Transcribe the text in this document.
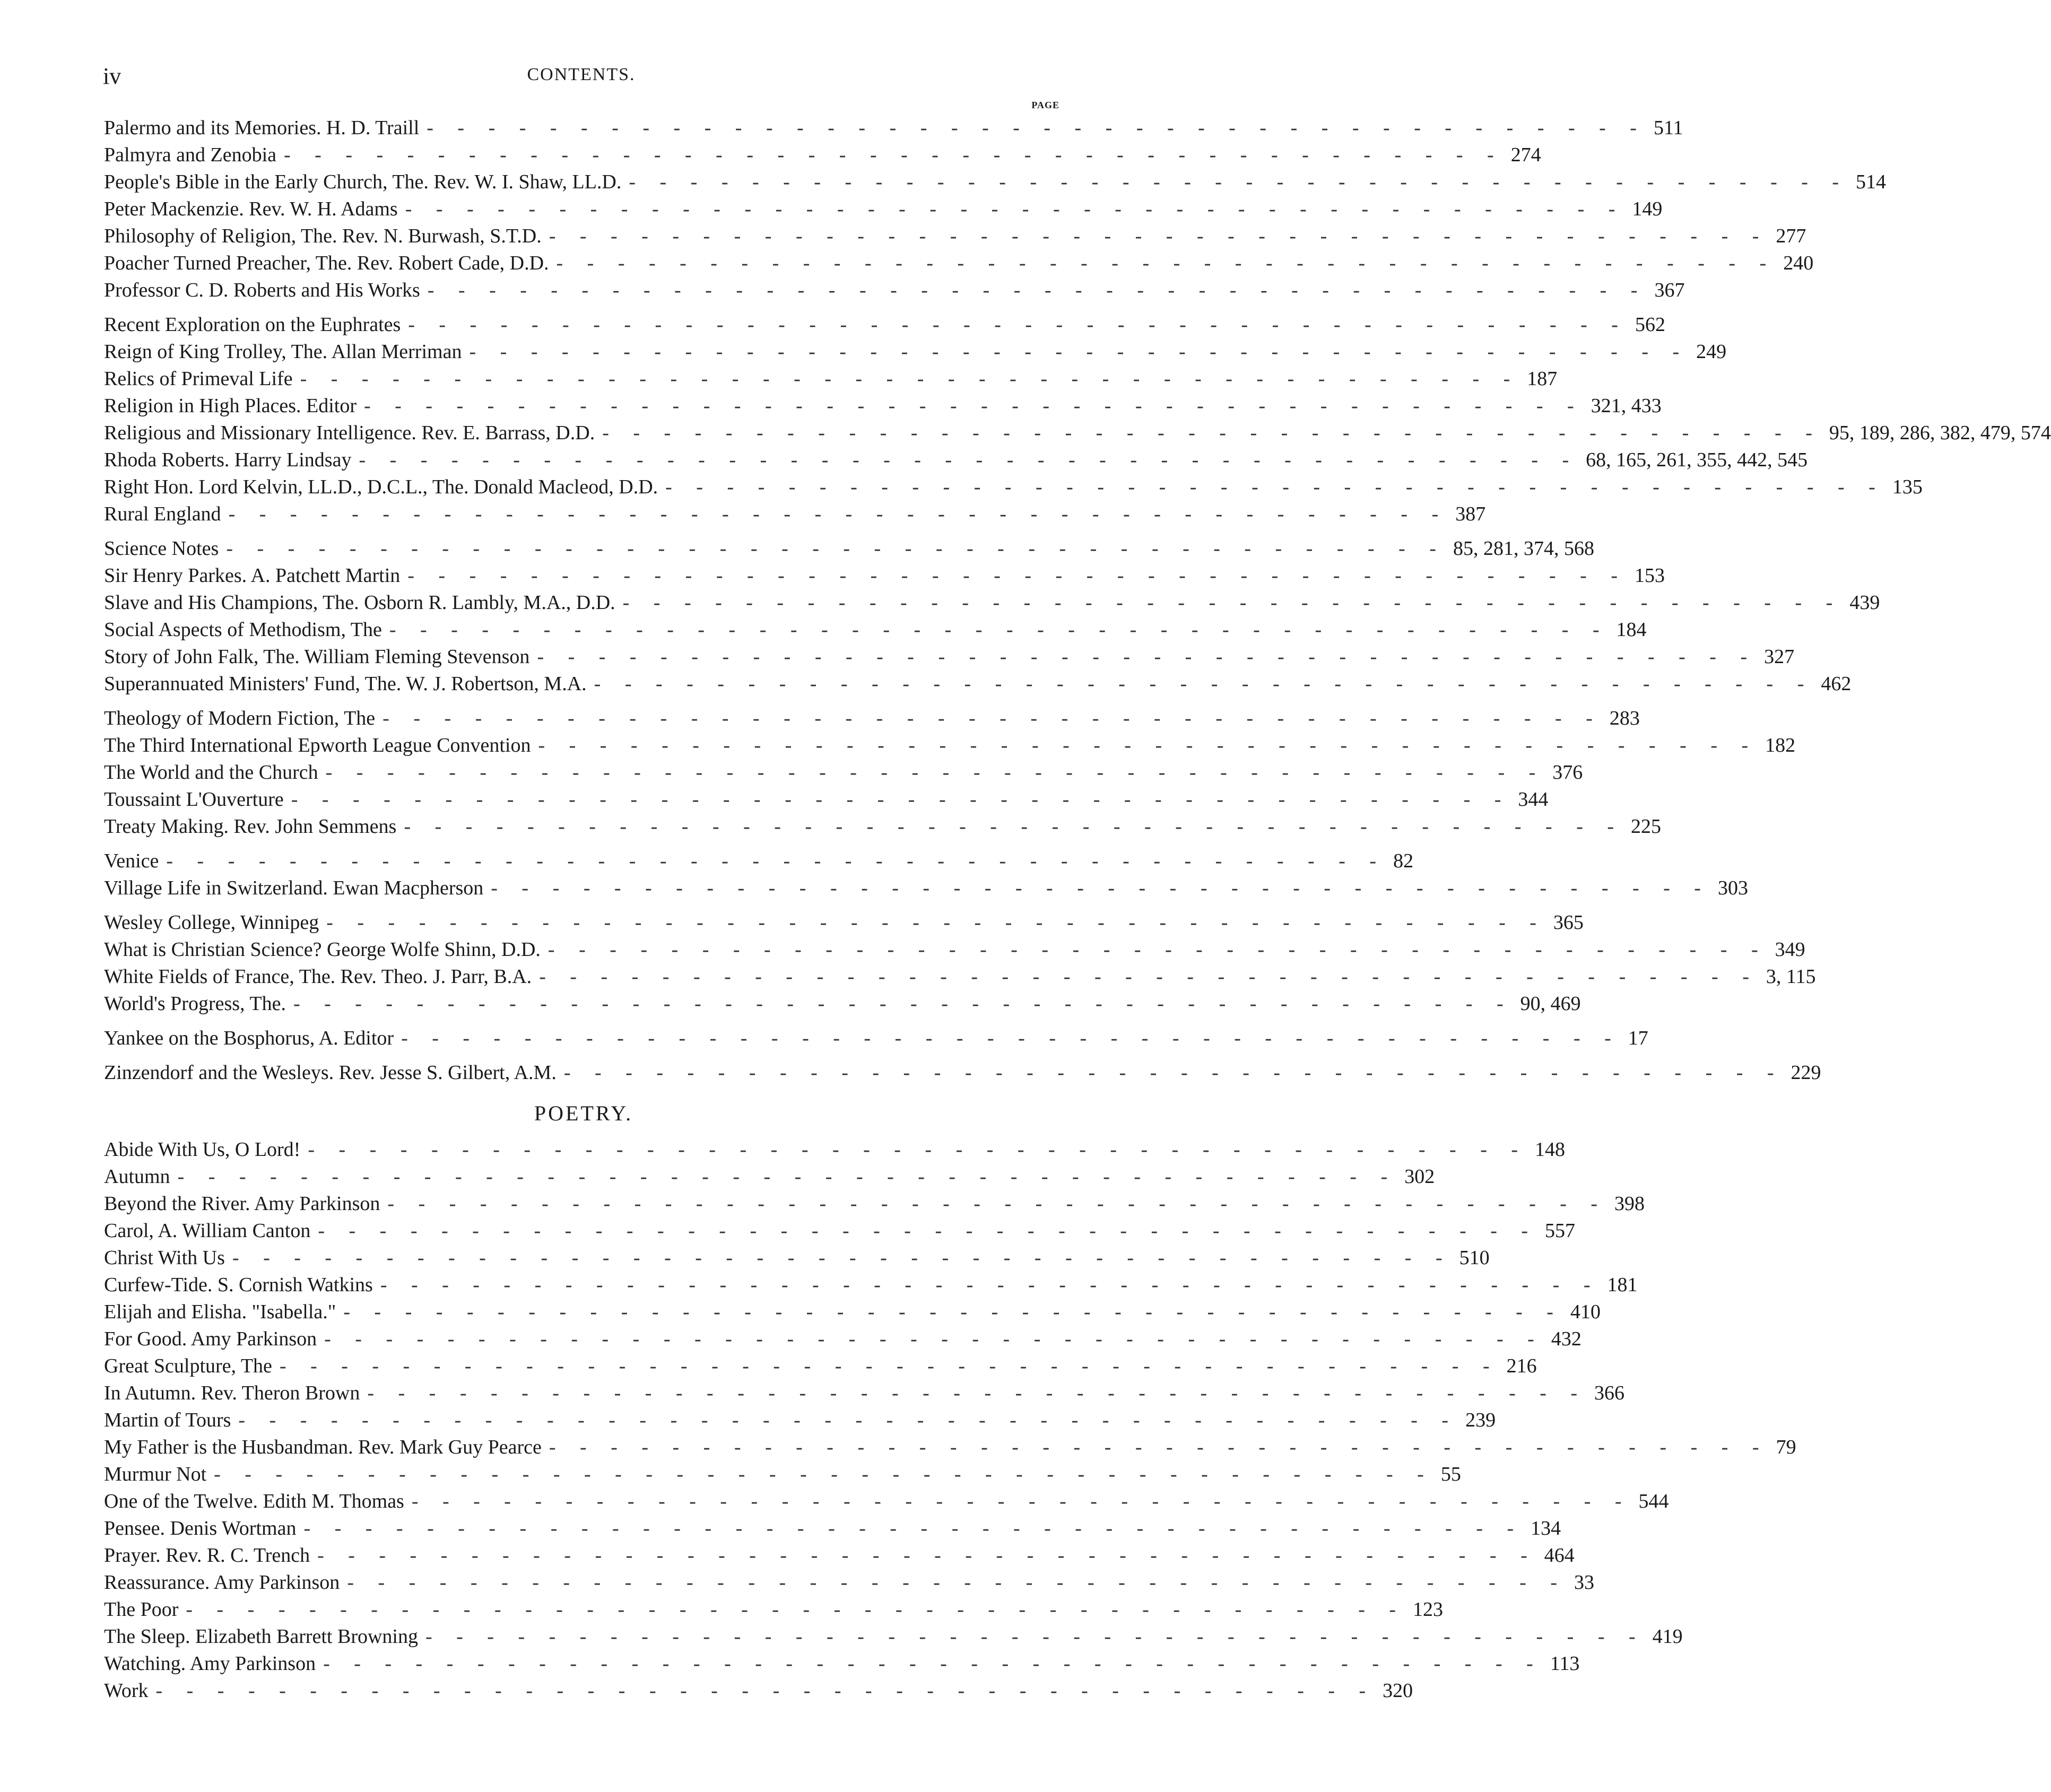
iv	CONTENTS.
PAGE
Palermo and its Memories. H. D. Traill - - - - - - - - - - - - - - - - - - - - - - - - - - - - - - - - - - - - - - - - 511
Palmyra and Zenobia - - - - - - - - - - - - - - - - - - - - - - - - - - - - - - - - - - - - - - - - 274
People's Bible in the Early Church, The. Rev. W. I. Shaw, LL.D. - - - - - - - - - - - - - - - - - - - - - - - - - - - - - - - - - - - - - - - - 514
Peter Mackenzie. Rev. W. H. Adams - - - - - - - - - - - - - - - - - - - - - - - - - - - - - - - - - - - - - - - - 149
Philosophy of Religion, The. Rev. N. Burwash, S.T.D. - - - - - - - - - - - - - - - - - - - - - - - - - - - - - - - - - - - - - - - - 277
Poacher Turned Preacher, The. Rev. Robert Cade, D.D. - - - - - - - - - - - - - - - - - - - - - - - - - - - - - - - - - - - - - - - - 240
Professor C. D. Roberts and His Works - - - - - - - - - - - - - - - - - - - - - - - - - - - - - - - - - - - - - - - - 367
Recent Exploration on the Euphrates - - - - - - - - - - - - - - - - - - - - - - - - - - - - - - - - - - - - - - - - 562
Reign of King Trolley, The. Allan Merriman - - - - - - - - - - - - - - - - - - - - - - - - - - - - - - - - - - - - - - - - 249
Relics of Primeval Life - - - - - - - - - - - - - - - - - - - - - - - - - - - - - - - - - - - - - - - - 187
Religion in High Places. Editor - - - - - - - - - - - - - - - - - - - - - - - - - - - - - - - - - - - - - - - - 321, 433
Religious and Missionary Intelligence. Rev. E. Barrass, D.D. - - - - - - - - - - - - - - - - - - - - - - - - - - - - - - - - - - - - - - - - 95, 189, 286, 382, 479, 574
Rhoda Roberts. Harry Lindsay - - - - - - - - - - - - - - - - - - - - - - - - - - - - - - - - - - - - - - - - 68, 165, 261, 355, 442, 545
Right Hon. Lord Kelvin, LL.D., D.C.L., The. Donald Macleod, D.D. - - - - - - - - - - - - - - - - - - - - - - - - - - - - - - - - - - - - - - - - 135
Rural England - - - - - - - - - - - - - - - - - - - - - - - - - - - - - - - - - - - - - - - - 387
Science Notes - - - - - - - - - - - - - - - - - - - - - - - - - - - - - - - - - - - - - - - - 85, 281, 374, 568
Sir Henry Parkes. A. Patchett Martin - - - - - - - - - - - - - - - - - - - - - - - - - - - - - - - - - - - - - - - - 153
Slave and His Champions, The. Osborn R. Lambly, M.A., D.D. - - - - - - - - - - - - - - - - - - - - - - - - - - - - - - - - - - - - - - - - 439
Social Aspects of Methodism, The - - - - - - - - - - - - - - - - - - - - - - - - - - - - - - - - - - - - - - - - 184
Story of John Falk, The. William Fleming Stevenson - - - - - - - - - - - - - - - - - - - - - - - - - - - - - - - - - - - - - - - - 327
Superannuated Ministers' Fund, The. W. J. Robertson, M.A. - - - - - - - - - - - - - - - - - - - - - - - - - - - - - - - - - - - - - - - - 462
Theology of Modern Fiction, The - - - - - - - - - - - - - - - - - - - - - - - - - - - - - - - - - - - - - - - - 283
The Third International Epworth League Convention - - - - - - - - - - - - - - - - - - - - - - - - - - - - - - - - - - - - - - - - 182
The World and the Church - - - - - - - - - - - - - - - - - - - - - - - - - - - - - - - - - - - - - - - - 376
Toussaint L'Ouverture - - - - - - - - - - - - - - - - - - - - - - - - - - - - - - - - - - - - - - - - 344
Treaty Making. Rev. John Semmens - - - - - - - - - - - - - - - - - - - - - - - - - - - - - - - - - - - - - - - - 225
Venice - - - - - - - - - - - - - - - - - - - - - - - - - - - - - - - - - - - - - - - - 82
Village Life in Switzerland. Ewan Macpherson - - - - - - - - - - - - - - - - - - - - - - - - - - - - - - - - - - - - - - - - 303
Wesley College, Winnipeg - - - - - - - - - - - - - - - - - - - - - - - - - - - - - - - - - - - - - - - - 365
What is Christian Science? George Wolfe Shinn, D.D. - - - - - - - - - - - - - - - - - - - - - - - - - - - - - - - - - - - - - - - - 349
White Fields of France, The. Rev. Theo. J. Parr, B.A. - - - - - - - - - - - - - - - - - - - - - - - - - - - - - - - - - - - - - - - - 3, 115
World's Progress, The. - - - - - - - - - - - - - - - - - - - - - - - - - - - - - - - - - - - - - - - - 90, 469
Yankee on the Bosphorus, A. Editor - - - - - - - - - - - - - - - - - - - - - - - - - - - - - - - - - - - - - - - - 17
Zinzendorf and the Wesleys. Rev. Jesse S. Gilbert, A.M. - - - - - - - - - - - - - - - - - - - - - - - - - - - - - - - - - - - - - - - - 229
POETRY.
Abide With Us, O Lord! - - - - - - - - - - - - - - - - - - - - - - - - - - - - - - - - - - - - - - - - 148
Autumn - - - - - - - - - - - - - - - - - - - - - - - - - - - - - - - - - - - - - - - - 302
Beyond the River. Amy Parkinson - - - - - - - - - - - - - - - - - - - - - - - - - - - - - - - - - - - - - - - - 398
Carol, A. William Canton - - - - - - - - - - - - - - - - - - - - - - - - - - - - - - - - - - - - - - - - 557
Christ With Us - - - - - - - - - - - - - - - - - - - - - - - - - - - - - - - - - - - - - - - - 510
Curfew-Tide. S. Cornish Watkins - - - - - - - - - - - - - - - - - - - - - - - - - - - - - - - - - - - - - - - - 181
Elijah and Elisha. "Isabella." - - - - - - - - - - - - - - - - - - - - - - - - - - - - - - - - - - - - - - - - 410
For Good. Amy Parkinson - - - - - - - - - - - - - - - - - - - - - - - - - - - - - - - - - - - - - - - - 432
Great Sculpture, The - - - - - - - - - - - - - - - - - - - - - - - - - - - - - - - - - - - - - - - - 216
In Autumn. Rev. Theron Brown - - - - - - - - - - - - - - - - - - - - - - - - - - - - - - - - - - - - - - - - 366
Martin of Tours - - - - - - - - - - - - - - - - - - - - - - - - - - - - - - - - - - - - - - - - 239
My Father is the Husbandman. Rev. Mark Guy Pearce - - - - - - - - - - - - - - - - - - - - - - - - - - - - - - - - - - - - - - - - 79
Murmur Not - - - - - - - - - - - - - - - - - - - - - - - - - - - - - - - - - - - - - - - - 55
One of the Twelve. Edith M. Thomas - - - - - - - - - - - - - - - - - - - - - - - - - - - - - - - - - - - - - - - - 544
Pensee. Denis Wortman - - - - - - - - - - - - - - - - - - - - - - - - - - - - - - - - - - - - - - - - 134
Prayer. Rev. R. C. Trench - - - - - - - - - - - - - - - - - - - - - - - - - - - - - - - - - - - - - - - - 464
Reassurance. Amy Parkinson - - - - - - - - - - - - - - - - - - - - - - - - - - - - - - - - - - - - - - - - 33
The Poor - - - - - - - - - - - - - - - - - - - - - - - - - - - - - - - - - - - - - - - - 123
The Sleep. Elizabeth Barrett Browning - - - - - - - - - - - - - - - - - - - - - - - - - - - - - - - - - - - - - - - - 419
Watching. Amy Parkinson - - - - - - - - - - - - - - - - - - - - - - - - - - - - - - - - - - - - - - - - 113
Work - - - - - - - - - - - - - - - - - - - - - - - - - - - - - - - - - - - - - - - - 320
